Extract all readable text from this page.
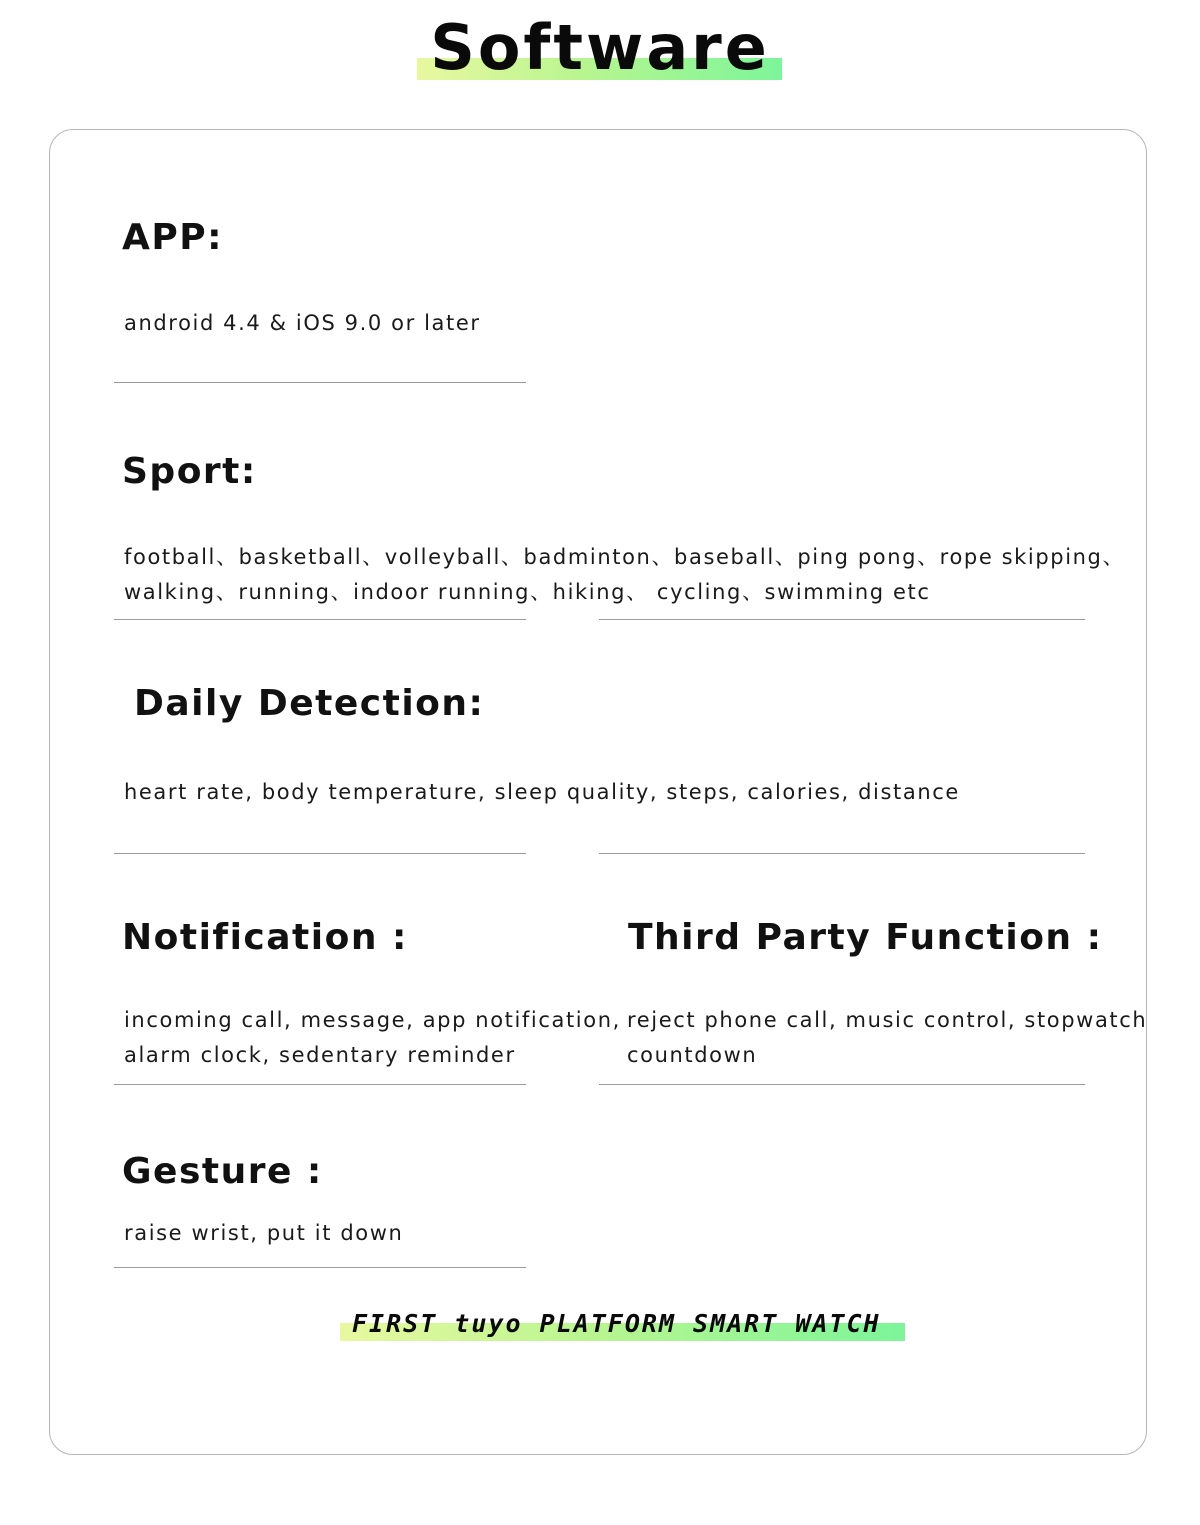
Software
APP:
android 4.4 & iOS 9.0 or later
Sport:
football、basketball、volleyball、badminton、baseball、ping pong、rope skipping、
walking、running、indoor running、hiking、 cycling、swimming etc
Daily Detection:
heart rate, body temperature, sleep quality, steps, calories, distance
Notification :
incoming call, message, app notification,
alarm clock, sedentary reminder
Third Party Function :
reject phone call, music control, stopwatch
countdown
Gesture :
raise wrist, put it down
FIRST tuyo PLATFORM SMART WATCH
